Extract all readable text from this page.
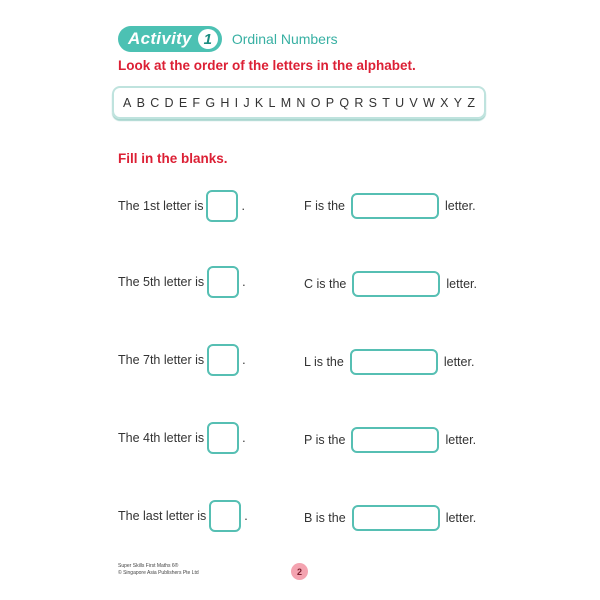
Activity 1	Ordinal Numbers
Look at the order of the letters in the alphabet.
A B C D E F G H I J K L M N O P Q R S T U V W X Y Z
Fill in the blanks.
The 1st letter is	.	F is the	letter.
The 5th letter is	.	C is the	letter.
The 7th letter is	.	L is the	letter.
The 4th letter is	.	P is the	letter.
The last letter is	.	B is the	letter.
Super Skills First Maths 6®
© Singapore Asia Publishers Pte Ltd	2
